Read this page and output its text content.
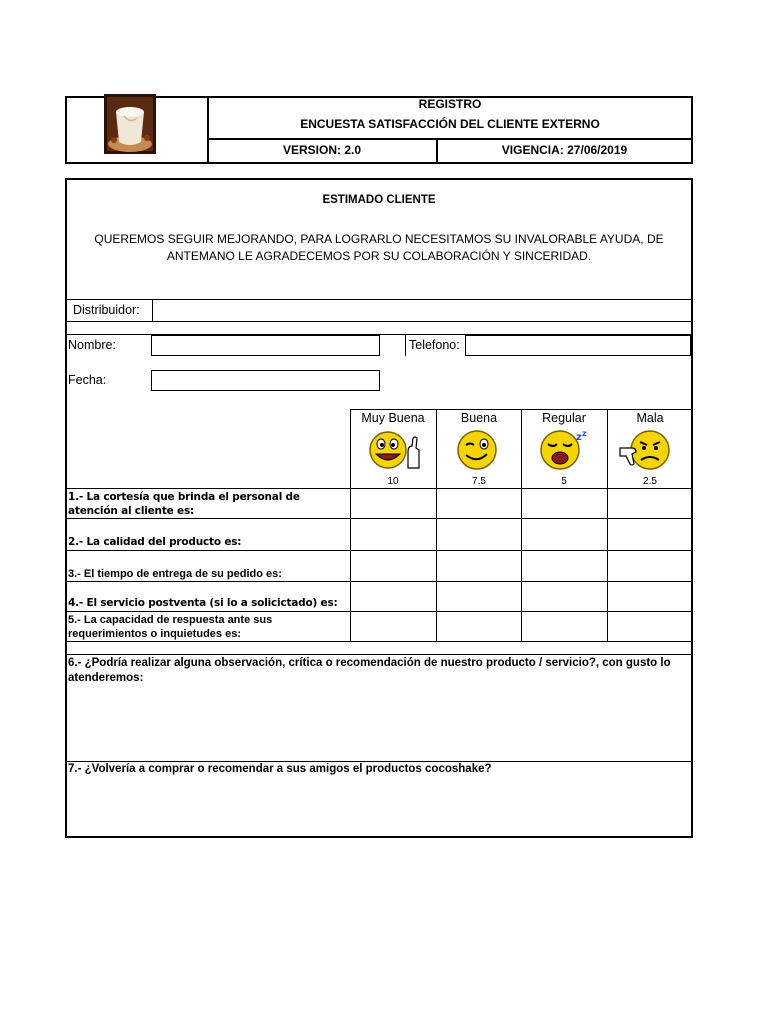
REGISTRO
ENCUESTA SATISFACCIÓN DEL CLIENTE EXTERNO
VERSION: 2.0	VIGENCIA: 27/06/2019
ESTIMADO CLIENTE
QUEREMOS SEGUIR MEJORANDO, PARA LOGRARLO NECESITAMOS SU INVALORABLE AYUDA, DE ANTEMANO LE AGRADECEMOS POR SU COLABORACIÓN Y SINCERIDAD.
Distribuidor:
Nombre:	Telefono:
Fecha:
Muy Buena	Buena	Regular	Mala
z z
10	7.5	5	2.5
1.- La cortesía que brinda el personal de atención al cliente es:
2.- La calidad del producto es:
3.- El tiempo de entrega de su pedido es:
4.- El servicio postventa (si lo a solicictado) es:
5.- La capacidad de respuesta ante sus requerimientos o inquietudes es:
6.- ¿Podría realizar alguna observación, crítica o recomendación de nuestro producto / servicio?, con gusto lo atenderemos:
7.- ¿Volvería a comprar o recomendar a sus amigos el productos cocoshake?
